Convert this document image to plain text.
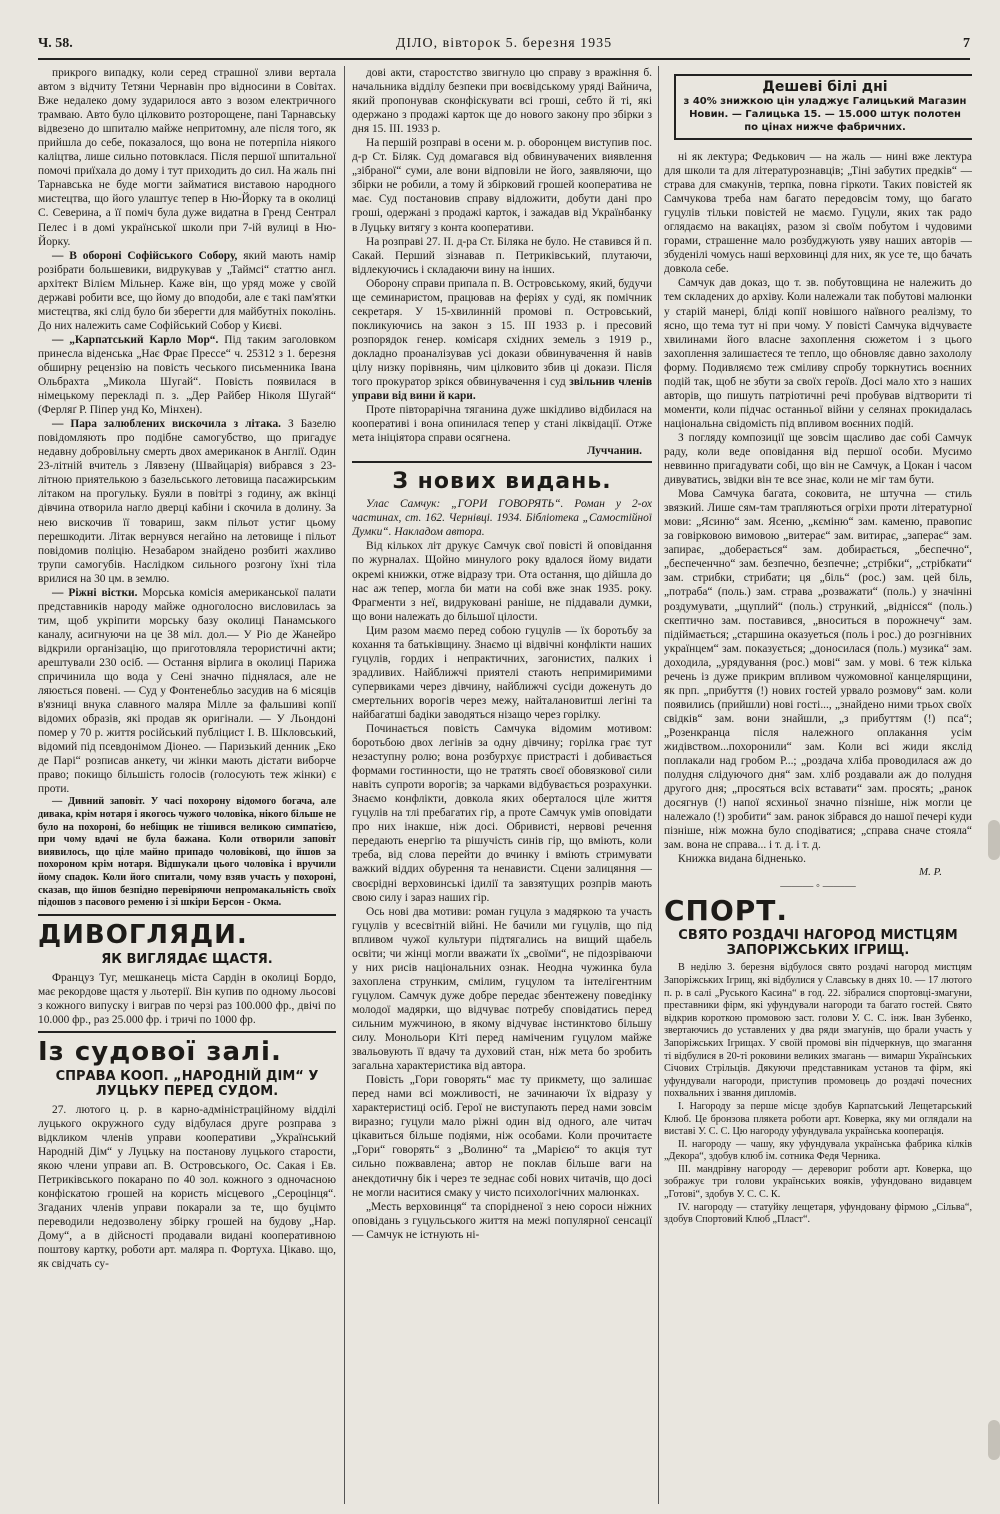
Ч. 58.	ДІЛО, вівторок 5. березня 1935	7

прикрого випадку, коли серед страшної зливи вертала автом з відчиту Тетяни Чернавін про відносини в Совітах. Вже недалеко дому зударилося авто з возом електричного трамваю. Авто було цілковито розторощене, пані Тарнавську відвезено до шпиталю майже непритомну, але після того, як прийшла до себе, показалося, що вона не потерпіла ніякого каліцтва, лише сильно потовклася. Після першої шпитальної помочі приїхала до дому і тут приходить до сил. На жаль пні Тарнавська не буде могти займатися виставою народного мистецтва, що його улаштує тепер в Ню-Йорку та в околиці С. Северина, а її поміч була дуже видатна в Гренд Сентрал Пелес і в домі української школи при 7-ій вулиці в Ню-Йорку.

— В обороні Софійського Собору, який мають намір розібрати большевики, видрукував у „Таймсі“ статтю англ. архітект Вілієм Мільнер. Каже він, що уряд може у своїй державі робити все, що йому до вподоби, але є такі пам'ятки мистецтва, які слід було би зберегти для майбутніх поколінь. До них належить саме Софійський Собор у Києві.

— „Карпатський Карло Мор“. Під таким заголовком принесла віденська „Нає Фрає Прессе“ ч. 25312 з 1. березня обширну рецензію на повість чеського письменника Івана Ольбрахта „Микола Шугай“. Повість появилася в німецькому перекладі п. з. „Дер Райбер Ніколя Шугай“ (Ферляґ Р. Піпер унд Ко, Мінхен).

— Пара залюблених вискочила з літака. З Базелю повідомляють про подібне самогубство, що пригадує недавну добровільну смерть двох американок в Англії. Один 23-літній вчитель з Лявзену (Швайцарія) вибрався з 23-літною приятелькою з базельського летовища пасажирським літаком на прогульку. Буяли в повітрі з годину, аж вкінці дівчина отворила нагло дверці кабіни і скочила в долину. За нею вискочив її товариш, закм пільот устиг цьому перешкодити. Літак вернувся негайно на летовище і пільот повідомив поліцію. Незабаром знайдено розбиті жахливо трупи самогубів. Наслідком сильного розгону їхні тіла врилися на 30 цм. в землю.

— Ріжні вістки. Морська комісія американської палати представників народу майже одноголосно висловилась за тим, щоб укріпити морську базу околиці Панамського каналу, асигнуючи на це 38 міл. дол.— У Ріо де Жанейро відкрили організацію, що приготовляла терористичні акти; арештували 230 осіб. — Остання вірлига в околиці Парижа спричинила що вода у Сені значно піднялася, але не ляюється повені. — Суд у Фонтенебльо засудив на 6 місяців в'язниці внука славного маляра Мілле за фальшиві копії відомих образів, які продав як оригінали. — У Льондоні помер у 70 р. життя російський публіцист І. В. Шкловський, відомий під псевдонімом Діонео. — Паризький денник „Еко де Парі“ розписав анкету, чи жінки мають дістати виборче право; покищо більшість голосів (голосують теж жінки) є проти.

— Дивний заповіт. У часі похорону відомого богача, але дивака, крім нотаря і якогось чужого чоловіка, нікого більше не було на похороні, бо небіщик не тішився великою симпатією, при чому вдачі не була бажана. Коли отворили заповіт виявилось, що ціле майно припадо чоловікові, що йшов за похороном крім нотаря. Відшукали цього чоловіка і вручили йому спадок. Коли його спитали, чому взяв участь у похороні, сказав, що йшов безпідно перевіряючи непромакальність своїх підошов з пасового ременю і зі шкіри Берсон - Окма.

ДИВОГЛЯДИ.
ЯК ВИГЛЯДАЄ ЩАСТЯ.

Француз Туг, мешканець міста Сардін в околиці Бордо, має рекордове щастя у льотерії. Він купив по одному льосові з кожного випуску і виграв по черзі раз 100.000 фр., двічі по 10.000 фр., раз 25.000 фр. і тричі по 1000 фр.

Із судової залі.
СПРАВА КООП. „НАРОДНІЙ ДІМ“ У ЛУЦЬКУ ПЕРЕД СУДОМ.

27. лютого ц. р. в карно-адміністраційному відділі луцького окружного суду відбулася друге розправа з відкликом членів управи кооперативи „Український Народній Дім“ у Луцьку на постанову луцького старости, якою члени управи ап. В. Островського, Ос. Сакая і Ев. Петриківського покарано по 40 зол. кожного з одночасною конфіскатою грошей на користь місцевого „Сероцінця“. Згаданих членів управи покарали за те, що буцімто переводили недозволену збірку грошей на будову „Нар. Дому“, а в дійсності продавали видані кооперативною поштову картку, роботи арт. маляра п. Фортуха. Цікаво. що, як свідчать су-

дові акти, старостство звигнуло цю справу з вражіння б. начальника відділу безпеки при воєвідському уряді Вайнича, який пропонував сконфіскувати всі гроші, себто й ті, які одержано з продажі карток ще до нового закону про збірки з дня 15. ІІІ. 1933 р.

На першій розправі в осени м. р. оборонцем виступив пос. д-р Ст. Біляк. Суд домагався від обвинувачених виявлення „зібраної“ суми, але вони відповіли не його, заявляючи, що збірки не робили, а тому й збірковий грошей кооператива не має. Суд постановив справу відложити, добути дані про гроші, одержані з продажі карток, і зажадав від Українбанку в Луцьку витягу з конта кооперативи.

На розправі 27. ІІ. д-ра Ст. Біляка не було. Не ставився й п. Сакай. Перший зізнавав п. Петриківський, плутаючи, відлекуючись і складаючи вину на інших.

Оборону справи припала п. В. Островському, який, будучи ще семинаристом, працював на феріях у суді, як помічник секретаря. У 15-хвилинній промові п. Островський, покликуючись на закон з 15. ІІІ 1933 р. і пресовий розпорядок генер. комісаря східних земель з 1919 р., докладно проаналізував усі докази обвинувачення й навів цілу низку порівнянь, чим цілковито збив ці докази. Після того прокуратор зрікся обвинувачення і суд звільнив членів управи від вини й кари.

Проте півторарічна тяганина дуже шкідливо відбилася на кооперативі і вона опинилася тепер у стані ліквідації. Отже мета ініціятора справи осягнена.

Луччанин.
З нових видань.

Улас Самчук: „ГОРИ ГОВОРЯТЬ“. Роман у 2-ох частинах, ст. 162. Чернівці. 1934. Бібліотека „Самостійної Думки“. Накладом автора.

Від кількох літ друкує Самчук свої повісті й оповідання по журналах. Щойно минулого року вдалося йому видати окремі книжки, отже відразу три. Ота остання, що дійшла до нас аж тепер, могла би мати на собі вже знак 1935. року. Фрагменти з неї, видруковані раніше, не піддавали думки, що вони належать до більшої цілости.

Цим разом маємо перед собою гуцулів — їх боротьбу за кохання та батьківщину. Знаємо ці відвічні конфлікти наших гуцулів, гордих і непрактичних, загонистих, палких і зрадливих. Найближчі приятелі стають непримиримими супервиками через дівчину, найближчі сусіди доженуть до смертельних ворогів через межу, найталановитші легіні та найбагатші бадіки заводяться нізащо через горілку.

Починається повість Самчука відомим мотивом: боротьбою двох легінів за одну дівчину; горілка грає тут незаступну ролю; вона розбурхує пристрасті і добивається формами гостинности, що не тратять своєї обовязкової сили навіть супроти ворогів; за чарками відбувається розрахунки. Знаємо конфлікти, довкола яких оберталося ціле життя гуцулів на тлі пребагатих гір, а проте Самчук умів оповідати про них інакше, ніж досі. Обривисті, нервові речення передають енергію та рішучість синів гір, що вміють, коли треба, від слова перейти до вчинку і вміють стримувати важкий віддих обурення та ненависти. Сцени залицяння — своєрідні верховинські ідилії та завзятущих розпрів мають свою силу і зараз наших гір.

Ось нові два мотиви: роман гуцула з мадяркою та участь гуцулів у всесвітній війні. Не бачили ми гуцулів, що під впливом чужої культури підтягались на вищий щабель освіти; чи жінці могли вважати їх „своїми“, не підозріваючи у них рисів національних ознак. Неодна чужинка була захоплена струнким, смілим, гуцулом та інтелігентним гуцулом. Самчук дуже добре передає збентежену поведінку молодої мадярки, що відчуває потребу сповідатись перед сильним мужчиною, в якому відчуває інстинктово більшу силу. Монольори Кіті перед наміченим гуцулом майже звальовують її вдачу та духовий стан, ніж мета бо зробить загальна характеристика від автора.

Повість „Гори говорять“ має ту прикмету, що залишає перед нами всі можливості, не зачинаючи їх відразу у характеристиці осіб. Герої не виступають перед нами зовсім виразно; гуцули мало ріжні один від одного, але читач цікавиться більше подіями, ніж особами. Коли прочитаєте „Гори“ говорять“ з „Волиню“ та „Марією“ то акція тут сильно пожвавлена; автор не поклав більше ваги на анекдотичну бік і через те зеднає собі нових читачів, що досі не могли наситися смаку у чисто психологічних малюнках.

„Месть верховинця“ та спорідненої з нею сороси ніжних оповідань з гуцульського життя на межі популярної сенсації — Самчук не істнують ні-

Дешеві білі дні
з 40% знижкою цін уладжує Галицький Магазин Новин. — Галицька 15. — 15.000 штук полотен по цінах нижче фабричних.

ні як лектура; Федькович — на жаль — нині вже лектура для школи та для літературознавців; „Тіні забутих предків“ — страва для смакунів, терпка, повна гіркоти. Таких повістей як Самчукова треба нам багато передовсім тому, що багато гуцулів тільки повістей не маємо. Гуцули, яких так радо оглядаємо на вакаціях, разом зі своїм побутом і чудовими горами, страшенне мало розбуджують уяву наших авторів — збуденілі чомусь наші верховинці для них, як усе те, що бачать довкола себе.

Самчук дав доказ, що т. зв. побутовщина не належить до тем складених до архіву. Коли належали так побутові малюнки у старій манері, бліді копії новішого наївного реалізму, то ясно, що тема тут ні при чому. У повісті Самчука відчуваєте хвилинами його власне захоплення сюжетом і з цього захоплення залишаєтеся те тепло, що обновляє давно захололу форму. Подивляємо теж сміливу спробу торкнутись воєнних подій так, щоб не збути за своїх героїв. Досі мало хто з наших авторів, що пишуть патріотичні речі пробував відтворити ті моменти, коли підчас останньої війни у селянах прокидалась національна свідомість під впливом воєнних подій.

З погляду композиції ще зовсім щасливо дає собі Самчук раду, коли веде оповідання від першої особи. Мусимо неввинно пригадувати собі, що він не Самчук, а Цокан і часом дивуватись, звідки він те все знає, коли не міг там бути.

Мова Самчука багата, соковита, не штучна — стиль звязкий. Лише сям-там трапляються огріхи проти літературної мови: „Ясиню“ зам. Ясеню, „кєміню“ зам. каменю, правопис за говірковою вимовою „витерає“ зам. витирає, „заперає“ зам. запирає, „доберається“ зам. добирається, „беспечно“, „беспеченчно“ зам. безпечно, безпечне; „стрібки“, „стрібкати“ зам. стрибки, стрибати; ця „біль“ (рос.) зам. цей біль, „потраба“ (поль.) зам. страва „розважати“ (поль.) у значінні роздумувати, „щуплий“ (поль.) стрункий, „віднісся“ (поль.) скептично зам. поставився, „вноситься в порожнечу“ зам. підіймається; „старшина оказуеться (поль і рос.) до розгнівних українцем“ зам. показується; „доносилася (поль.) музика“ зам. доходила, „урядування (рос.) мові“ зам. у мові. 6 теж кілька речень із дуже прикрим впливом чужомовної канцелярщини, як прп. „прибуття (!) нових гостей урвало розмову“ зам. коли появились (прийшли) нові гості..., „знайдено ними трьох своїх свідків“ зам. вони знайшли, „з прибуттям (!) пса“; „Розенкранца після належного оплакання усім жидівством...похоронили“ зам. Коли всі жиди якслід поплакали над гробом Р...; „роздача хліба проводилася аж до полудня слідуючого дня“ зам. хліб роздавали аж до полудня другого дня; „просяться всіх вставати“ зам. просять; „ранок досягнув (!) напої ясхиньої значно пізніше, ніж могли це належало (!) зробити“ зам. ранок зібрався до нашої печері куди пізніше, ніж можна було сподіватися; „справа сначе стояла“ зам. вона не справа... і т. д. і т. д.

Книжка видана бідненько.

М. Р.
——— ◦ ———
СПОРТ.
СВЯТО РОЗДАЧІ НАГОРОД МИСТЦЯМ ЗАПОРІЖСЬКИХ ІГРИЩ.

В неділю 3. березня відбулося свято роздачі нагород мистцям Запоріжських Ігрищ, які відбулися у Славську в днях 10. — 17 лютого п. р. в салі „Руського Касина“ в год. 22. зібралися спортовці-змагуни, преставники фірм, які уфундували нагороди та багато гостей. Свято відкрив короткою промовою заст. голови У. С. С. інж. Іван Зубенко, звертаючись до уставлених у два ряди змагунів, що брали участь у Запоріжських Ігрищах. У своїй промові він підчеркнув, що змагання ті відбулися в 20-ті роковини великих змагань — вимарш Українських Січових Стрільців. Дякуючи представникам установ та фірм, які уфундували нагороди, приступив промовець до роздачі почесних похвальних і звання дипломів.

І. Нагороду за перше місце здобув Карпатський Лещетарський Клюб. Це бронзова плякета роботи арт. Коверка, яку ми оглядали на виставі У. С. С. Цю нагороду уфундувала українська кооперація.

ІІ. нагороду — чашу, яку уфундувала українська фабрика кілків „Декора“, здобув клюб ім. сотника Федя Черника.

ІІІ. мандрівну нагороду — деревориг роботи арт. Коверка, що зображує три голови українських вояків, уфундовано видавцем „Готові“, здобув У. С. С. К.

IV. нагороду — статуйку лещетаря, уфундовану фірмою „Сільва“, здобув Спортовий Клюб „Пласт“.
